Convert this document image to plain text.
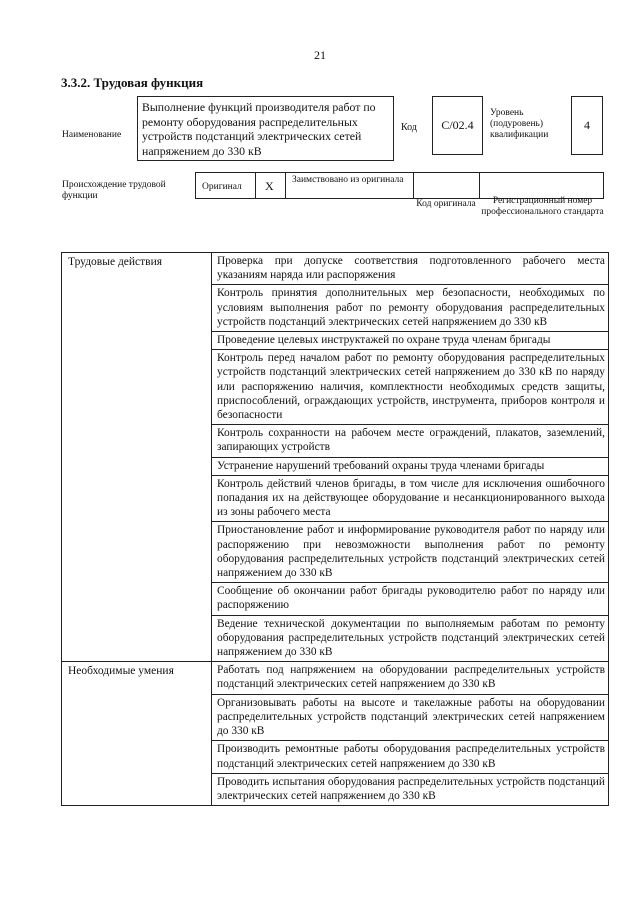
21
3.3.2. Трудовая функция
Наименование
Выполнение функций производителя работ по ремонту оборудования распределительных устройств подстанций электрических сетей напряжением до 330 кВ
Код C/02.4
Уровень (подуровень) квалификации
4
Происхождение трудовой функции
Оригинал X Заимствовано из оригинала
Код оригинала	Регистрационный номер профессионального стандарта
Трудовые действия	Проверка при допуске соответствия подготовленного рабочего места указаниям наряда или распоряжения
	Контроль принятия дополнительных мер безопасности, необходимых по условиям выполнения работ по ремонту оборудования распределительных устройств подстанций электрических сетей напряжением до 330 кВ
	Проведение целевых инструктажей по охране труда членам бригады
	Контроль перед началом работ по ремонту оборудования распределительных устройств подстанций электрических сетей напряжением до 330 кВ по наряду или распоряжению наличия, комплектности необходимых средств защиты, приспособлений, ограждающих устройств, инструмента, приборов контроля и безопасности
	Контроль сохранности на рабочем месте ограждений, плакатов, заземлений, запирающих устройств
	Устранение нарушений требований охраны труда членами бригады
	Контроль действий членов бригады, в том числе для исключения ошибочного попадания их на действующее оборудование и несанкционированного выхода из зоны рабочего места
	Приостановление работ и информирование руководителя работ по наряду или распоряжению при невозможности выполнения работ по ремонту оборудования распределительных устройств подстанций электрических сетей напряжением до 330 кВ
	Сообщение об окончании работ бригады руководителю работ по наряду или распоряжению
	Ведение технической документации по выполняемым работам по ремонту оборудования распределительных устройств подстанций электрических сетей напряжением до 330 кВ
Необходимые умения	Работать под напряжением на оборудовании распределительных устройств подстанций электрических сетей напряжением до 330 кВ
	Организовывать работы на высоте и такелажные работы на оборудовании распределительных устройств подстанций электрических сетей напряжением до 330 кВ
	Производить ремонтные работы оборудования распределительных устройств подстанций электрических сетей напряжением до 330 кВ
	Проводить испытания оборудования распределительных устройств подстанций электрических сетей напряжением до 330 кВ
